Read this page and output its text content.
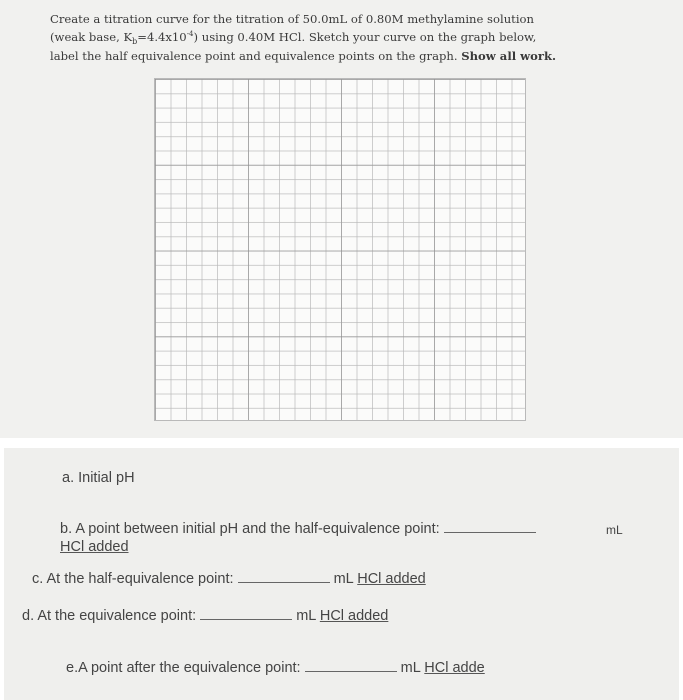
Create a titration curve for the titration of 50.0mL of 0.80M methylamine solution
(weak base, $K_b=4.4x10^{-4}$) using 0.40M HCl. Sketch your curve on the graph below,
label the half equivalence point and equivalence points on the graph. Show all work.

a. Initial pH
b. A point between initial pH and the half-equivalence point:	mL
HCl added
c. At the half-equivalence point:	mL HCl added
d. At the equivalence point:	mL HCl added
e.A point after the equivalence point:	mL HCl adde
